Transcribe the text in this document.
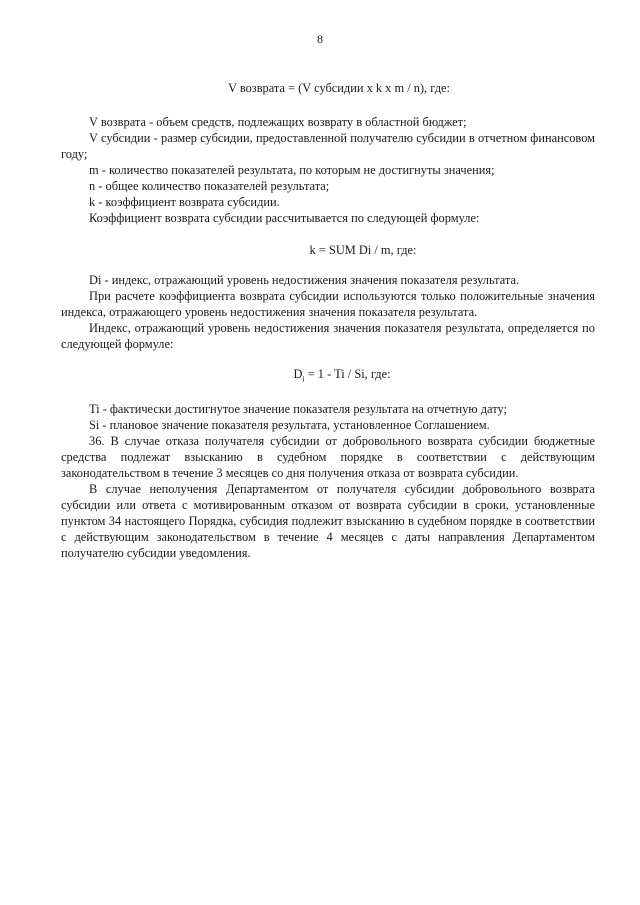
8
V возврата = (V субсидии x k x m / n), где:

V возврата - объем средств, подлежащих возврату в областной бюджет;

V субсидии - размер субсидии, предоставленной получателю субсидии в отчетном финансовом году;

m - количество показателей результата, по которым не достигнуты значения;

n - общее количество показателей результата;

k - коэффициент возврата субсидии.

Коэффициент возврата субсидии рассчитывается по следующей формуле:

k = SUM Di / m, где:

Di - индекс, отражающий уровень недостижения значения показателя результата.

При расчете коэффициента возврата субсидии используются только положительные значения индекса, отражающего уровень недостижения значения показателя результата.

Индекс, отражающий уровень недостижения значения показателя результата, определяется по следующей формуле:

$D_i = 1 - Ti / Si$, где:

Ti - фактически достигнутое значение показателя результата на отчетную дату;

Si - плановое значение показателя результата, установленное Соглашением.

36. В случае отказа получателя субсидии от добровольного возврата субсидии бюджетные средства подлежат взысканию в судебном порядке в соответствии с действующим законодательством в течение 3 месяцев со дня получения отказа от возврата субсидии.

В случае неполучения Департаментом от получателя субсидии добровольного возврата субсидии или ответа с мотивированным отказом от возврата субсидии в сроки, установленные пунктом 34 настоящего Порядка, субсидия подлежит взысканию в судебном порядке в соответствии с действующим законодательством в течение 4 месяцев с даты направления Департаментом получателю субсидии уведомления.
